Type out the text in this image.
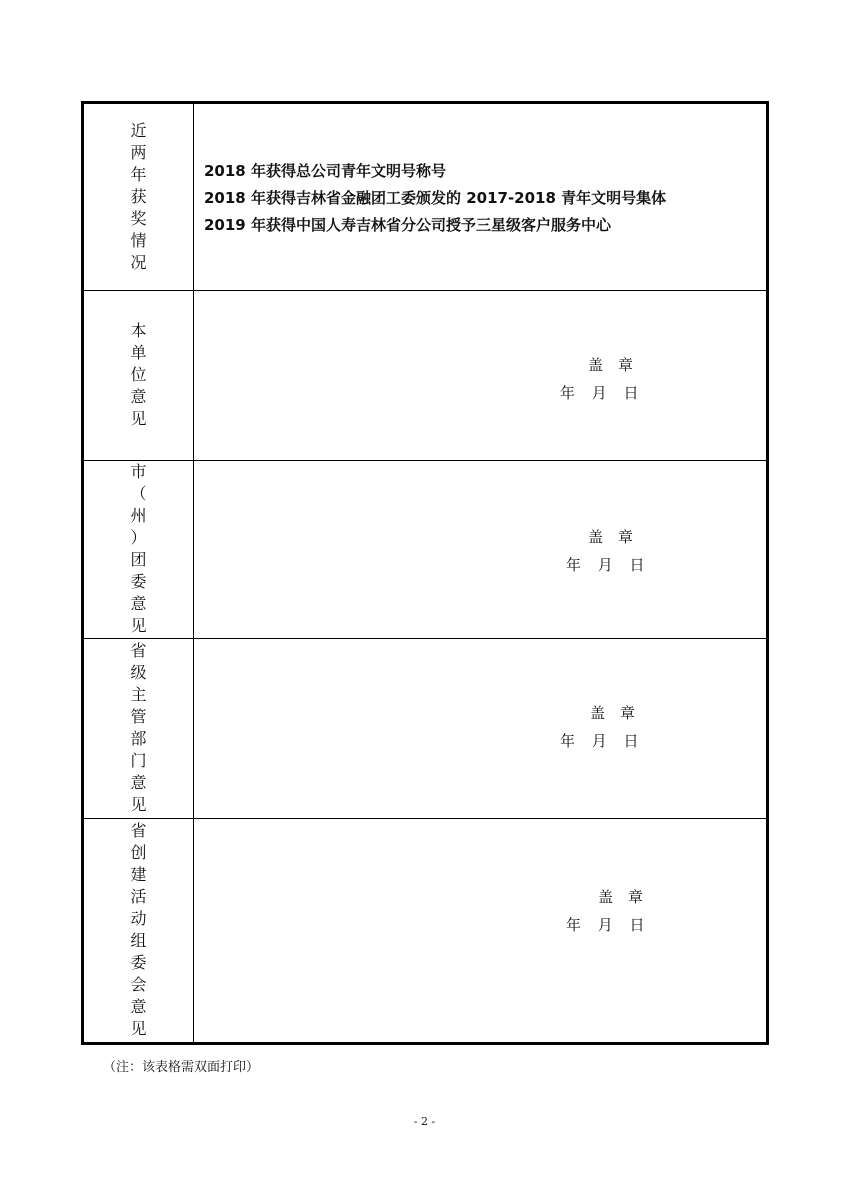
近
两
年
获
奖
情
况
2018 年获得总公司青年文明号称号
2018 年获得吉林省金融团工委颁发的 2017-2018 青年文明号集体
2019 年获得中国人寿吉林省分公司授予三星级客户服务中心
本
单
位
意
见
盖　章
年 月 日
市
（
州
）
团
委
意
见
盖　章
年 月 日
省
级
主
管
部
门
意
见
盖　章
年 月 日
省
创
建
活
动
组
委
会
意
见
盖　章
年 月 日
（注：该表格需双面打印）
- 2 -
